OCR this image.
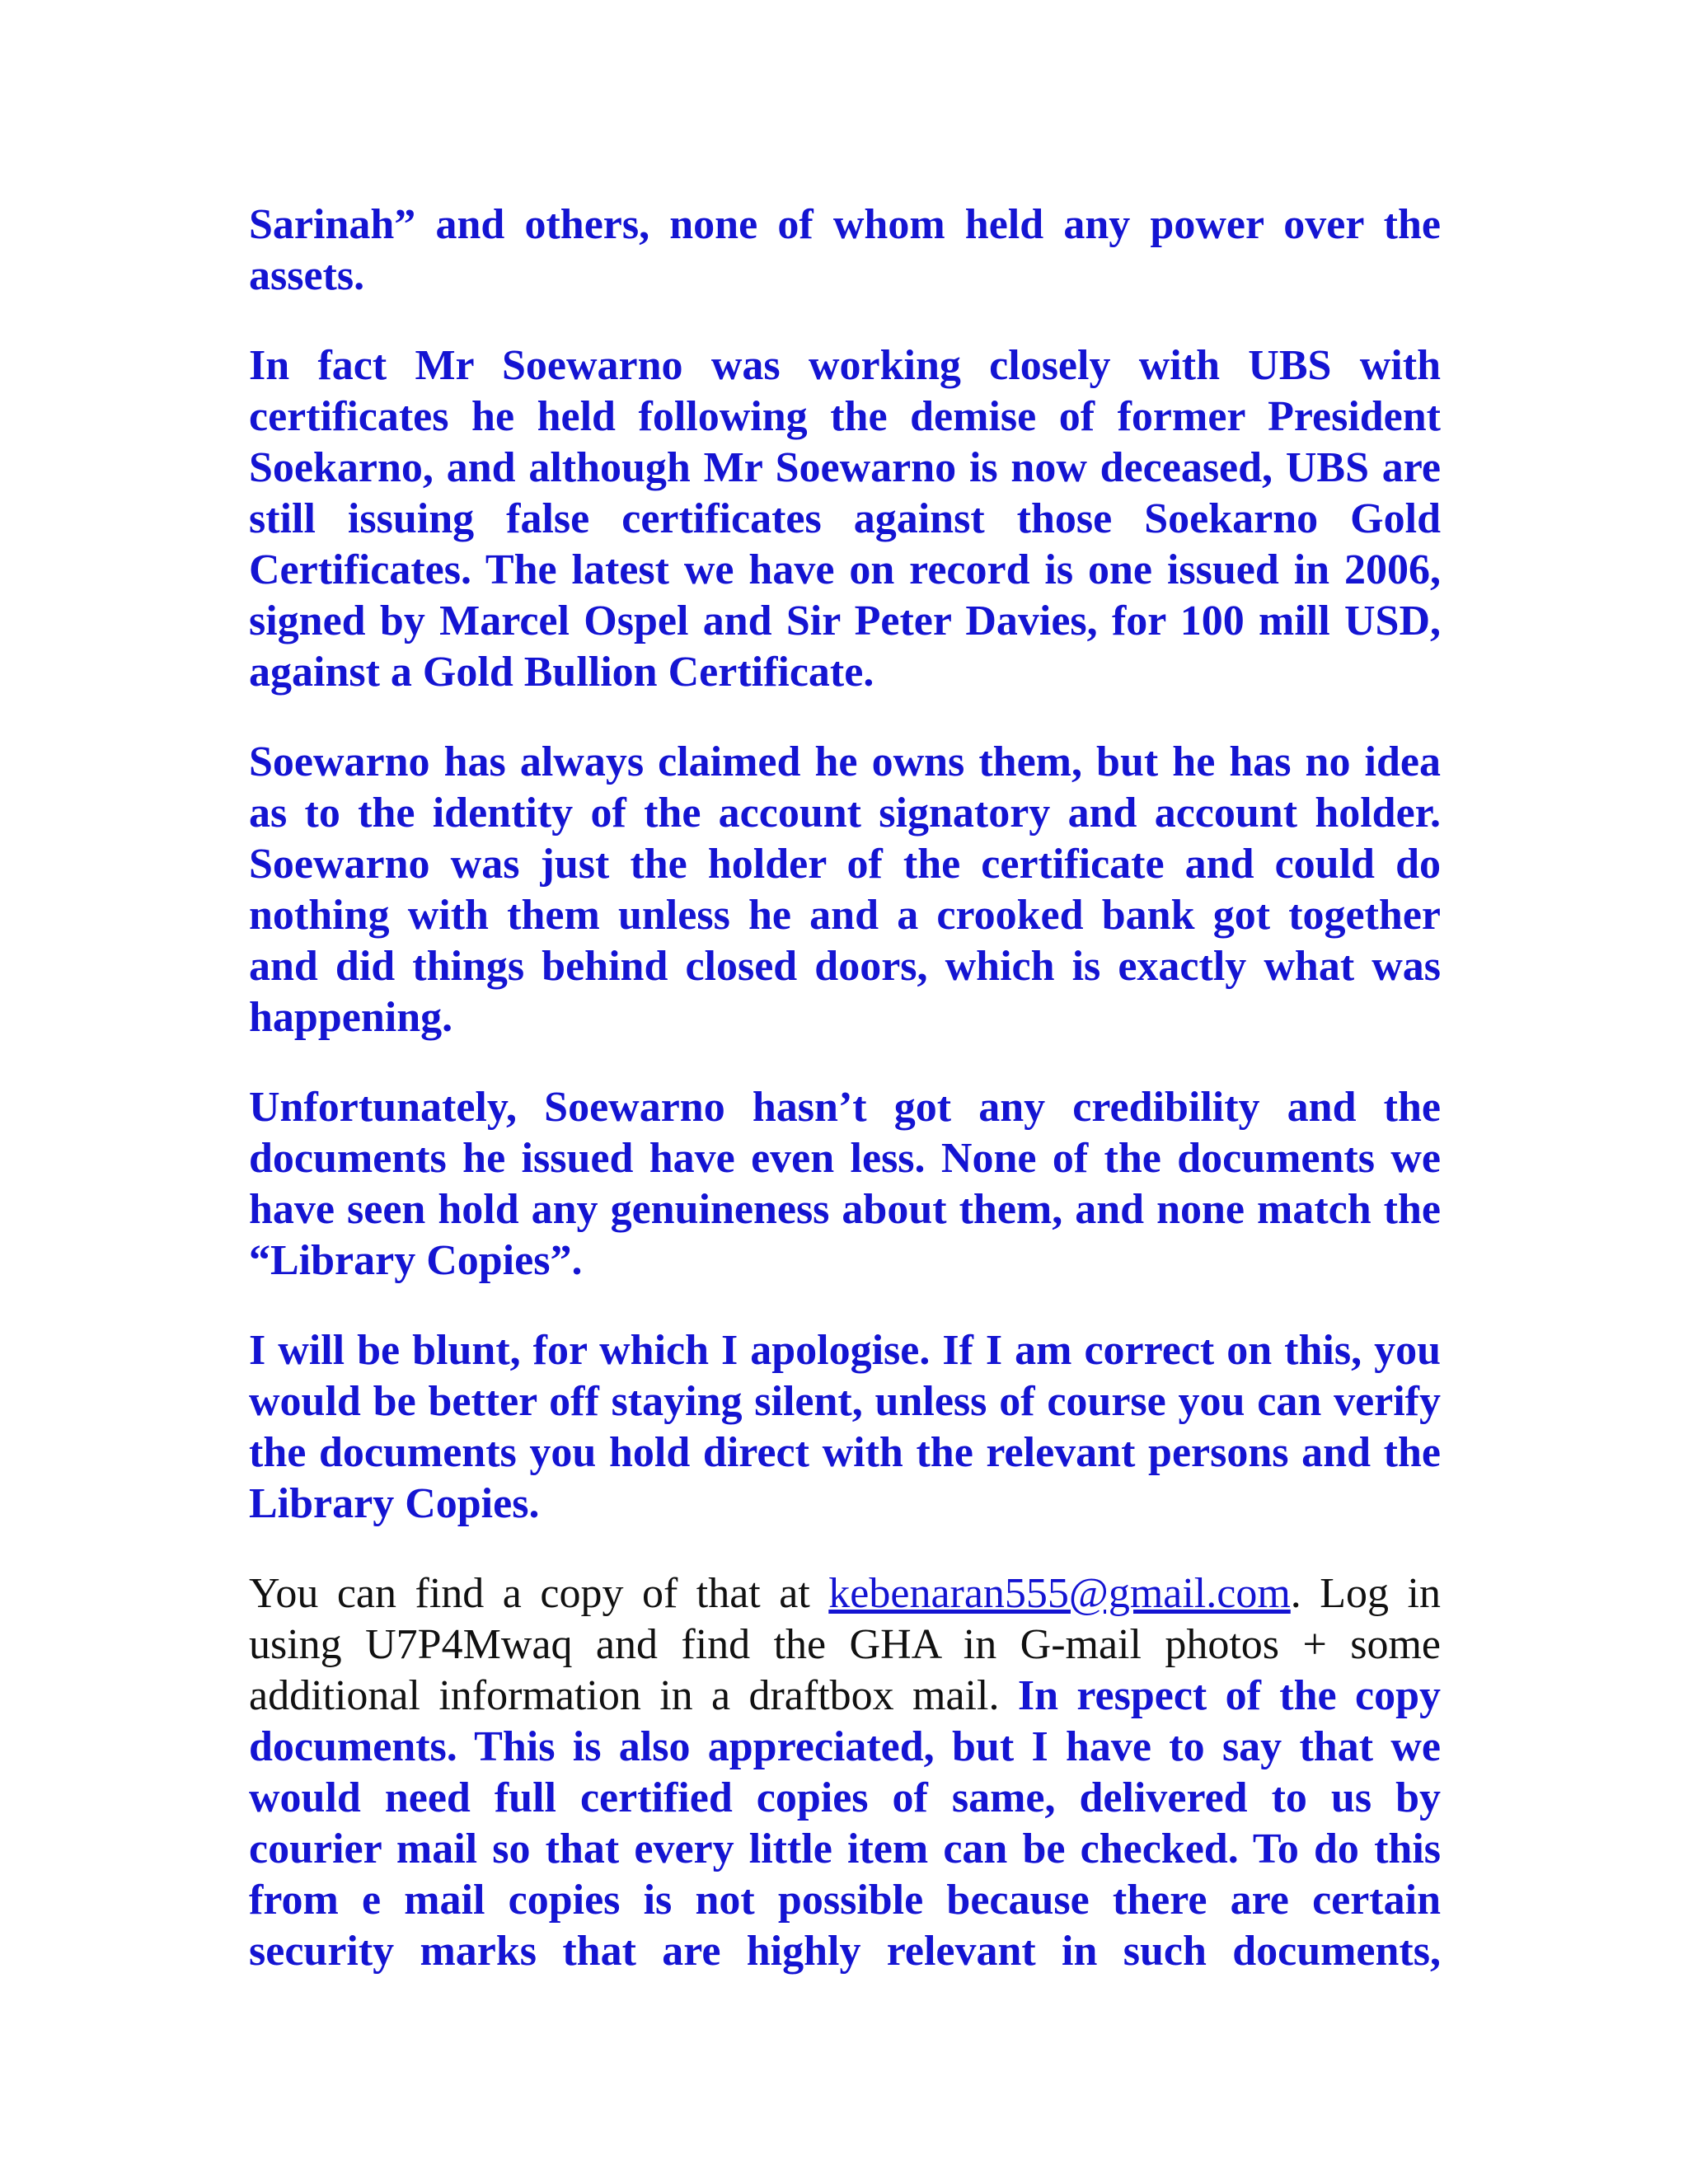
Sarinah” and others, none of whom held any power over the assets.

In fact Mr Soewarno was working closely with UBS with certificates he held following the demise of former President Soekarno, and although Mr Soewarno is now deceased, UBS are still issuing false certificates against those Soekarno Gold Certificates. The latest we have on record is one issued in 2006, signed by Marcel Ospel and Sir Peter Davies, for 100 mill USD, against a Gold Bullion Certificate.

Soewarno has always claimed he owns them, but he has no idea as to the identity of the account signatory and account holder. Soewarno was just the holder of the certificate and could do nothing with them unless he and a crooked bank got together and did things behind closed doors, which is exactly what was happening.

Unfortunately, Soewarno hasn’t got any credibility and the documents he issued have even less. None of the documents we have seen hold any genuineness about them, and none match the “Library Copies”.

I will be blunt, for which I apologise. If I am correct on this, you would be better off staying silent, unless of course you can verify the documents you hold direct with the relevant persons and the Library Copies.

You can find a copy of that at kebenaran555@gmail.com. Log in using U7P4Mwaq and find the GHA in G-mail photos + some additional information in a draftbox mail. In respect of the copy documents. This is also appreciated, but I have to say that we would need full certified copies of same, delivered to us by courier mail so that every little item can be checked. To do this from e mail copies is not possible because there are certain security marks that are highly relevant in such documents,
